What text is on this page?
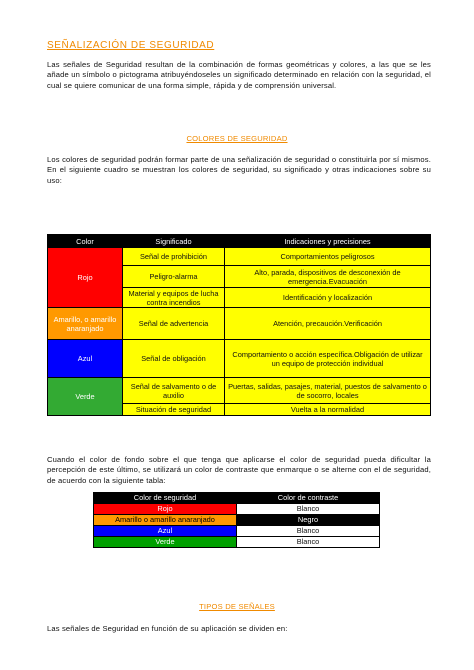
SEÑALIZACIÓN DE SEGURIDAD

Las señales de Seguridad resultan de la combinación de formas geométricas y colores, a las que se les añade un símbolo o pictograma atribuyéndoseles un significado determinado en relación con la seguridad, el cual se quiere comunicar de una forma simple, rápida y de comprensión universal.

COLORES DE SEGURIDAD

Los colores de seguridad podrán formar parte de una señalización de seguridad o constituirla por sí mismos. En el siguiente cuadro se muestran los colores de seguridad, su significado y otras indicaciones sobre su uso:

Color	Significado	Indicaciones y precisiones
Rojo	Señal de prohibición	Comportamientos peligrosos
	Peligro-alarma	Alto, parada, dispositivos de desconexión de emergencia.Evacuación
	Material y equipos de lucha contra incendios	Identificación y localización
Amarillo, o amarillo anaranjado	Señal de advertencia	Atención, precaución.Verificación
Azul	Señal de obligación	Comportamiento o acción específica.Obligación de utilizar un equipo de protección individual
Verde	Señal de salvamento o de auxilio	Puertas, salidas, pasajes, material, puestos de salvamento o de socorro, locales
	Situación de seguridad	Vuelta a la normalidad

Cuando el color de fondo sobre el que tenga que aplicarse el color de seguridad pueda dificultar la percepción de este último, se utilizará un color de contraste que enmarque o se alterne con el de seguridad, de acuerdo con la siguiente tabla:

Color de seguridad	Color de contraste
Rojo	Blanco
Amarillo o amarillo anaranjado	Negro
Azul	Blanco
Verde	Blanco
TIPOS DE SEÑALES

Las señales de Seguridad en función de su aplicación se dividen en:
